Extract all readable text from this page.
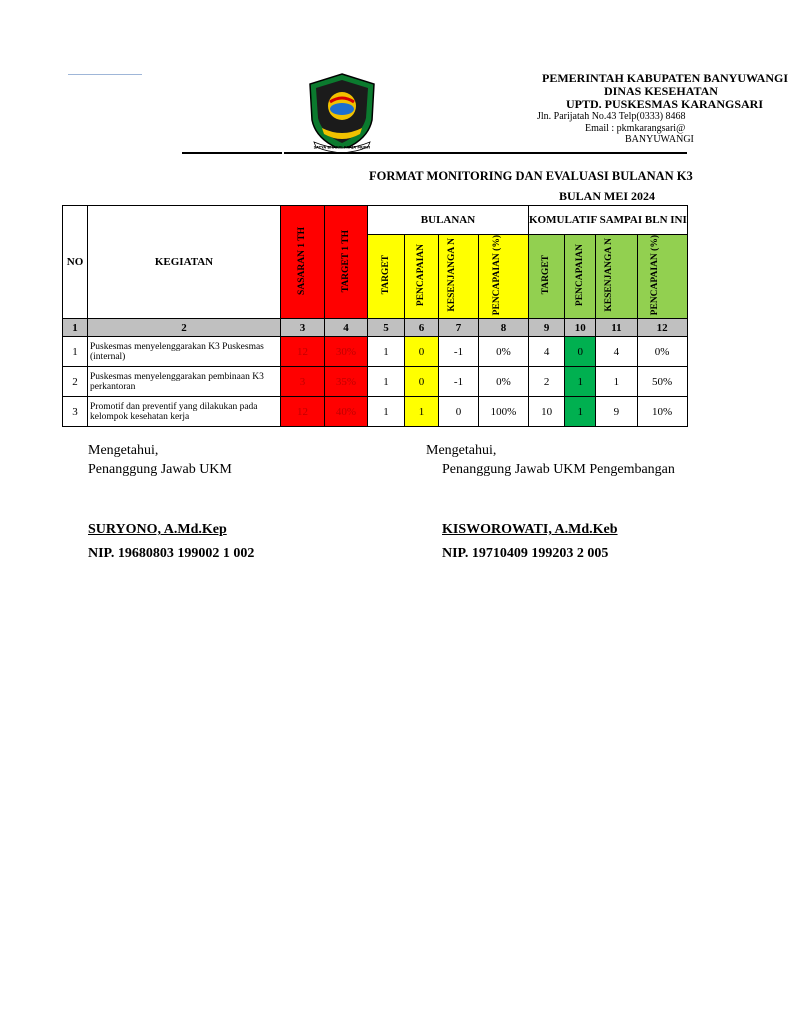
SATYA BHAKTI PRAJA MUKTI
PEMERINTAH KABUPATEN BANYUWANGI
DINAS KESEHATAN
UPTD. PUSKESMAS KARANGSARI
Jln. Parijatah No.43 Telp(0333) 8468
Email : pkmkarangsari@
BANYUWANGI
FORMAT MONITORING DAN EVALUASI BULANAN K3
BULAN MEI 2024
NO	KEGIATAN	SASARAN 1 TH	TARGET 1 TH	BULANAN				KOMULATIF SAMPAI BLN INI			
				TARGET	PENCAPAIAN	KESENJANGA N	PENCAPAIAN (%)	TARGET	PENCAPAIAN	KESENJANGA N	PENCAPAIAN (%)
1	2	3	4	5	6	7	8	9	10	11	12
1	Puskesmas menyelenggarakan K3 Puskesmas (internal)	12	30%	1	0	-1	0%	4	0	4	0%
2	Puskesmas menyelenggarakan pembinaan K3 perkantoran	3	35%	1	0	-1	0%	2	1	1	50%
3	Promotif dan preventif yang dilakukan pada kelompok kesehatan kerja	12	40%	1	1	0	100%	10	1	9	10%
Mengetahui,
Penanggung Jawab UKM
SURYONO, A.Md.Kep
NIP. 19680803 199002 1 002
Mengetahui,
Penanggung Jawab UKM Pengembangan
KISWOROWATI, A.Md.Keb
NIP. 19710409 199203 2 005
